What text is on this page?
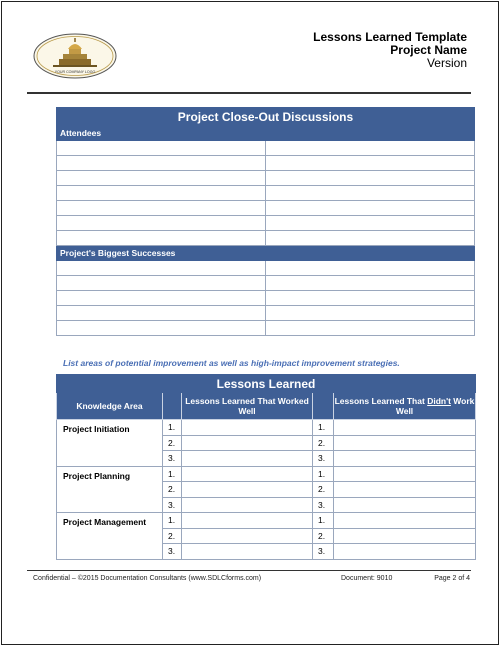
YOUR COMPANY LOGO
Lessons Learned Template
Project Name
Version
Project Close-Out Discussions	
Attendees	

Project's Biggest Successes	

List areas of potential improvement as well as high-impact improvement strategies.
Lessons Learned				
Knowledge Area		Lessons Learned That Worked Well		Lessons Learned That Didn't Work Well
Project Initiation	1.		1.	
	2.		2.	
	3.		3.	
Project Planning	1.		1.	
	2.		2.	
	3.		3.	
Project Management	1.		1.	
	2.		2.	
	3.		3.	
Confidential – ©2015 Documentation Consultants (www.SDLCforms.com)	Document: 9010	Page 2 of 4
